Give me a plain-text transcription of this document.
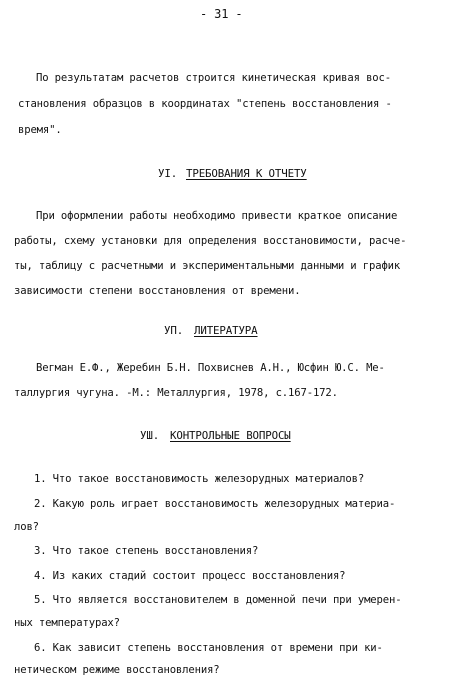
- 31 -
По результатам расчетов строится кинетическая кривая вос-
становления образцов в координатах "степень восстановления -
время".
УI. ТРЕБОВАНИЯ К ОТЧЕТУ
При оформлении работы необходимо привести краткое описание
работы, схему установки для определения восстановимости, расче-
ты, таблицу с расчетными и экспериментальными данными и график
зависимости степени восстановления от времени.
УП. ЛИТЕРАТУРА
Вегман Е.Ф., Жеребин Б.Н. Похвиснев А.Н., Юсфин Ю.С. Ме-
таллургия чугуна. -М.: Металлургия, 1978, с.167-172.
УШ. КОНТРОЛЬНЫЕ ВОПРОСЫ
1. Что такое восстановимость железорудных материалов?
2. Какую роль играет восстановимость железорудных материа-
лов?
3. Что такое степень восстановления?
4. Из каких стадий состоит процесс восстановления?
5. Что является восстановителем в доменной печи при умерен-
ных температурах?
6. Как зависит степень восстановления от времени при ки-
нетическом режиме восстановления?
